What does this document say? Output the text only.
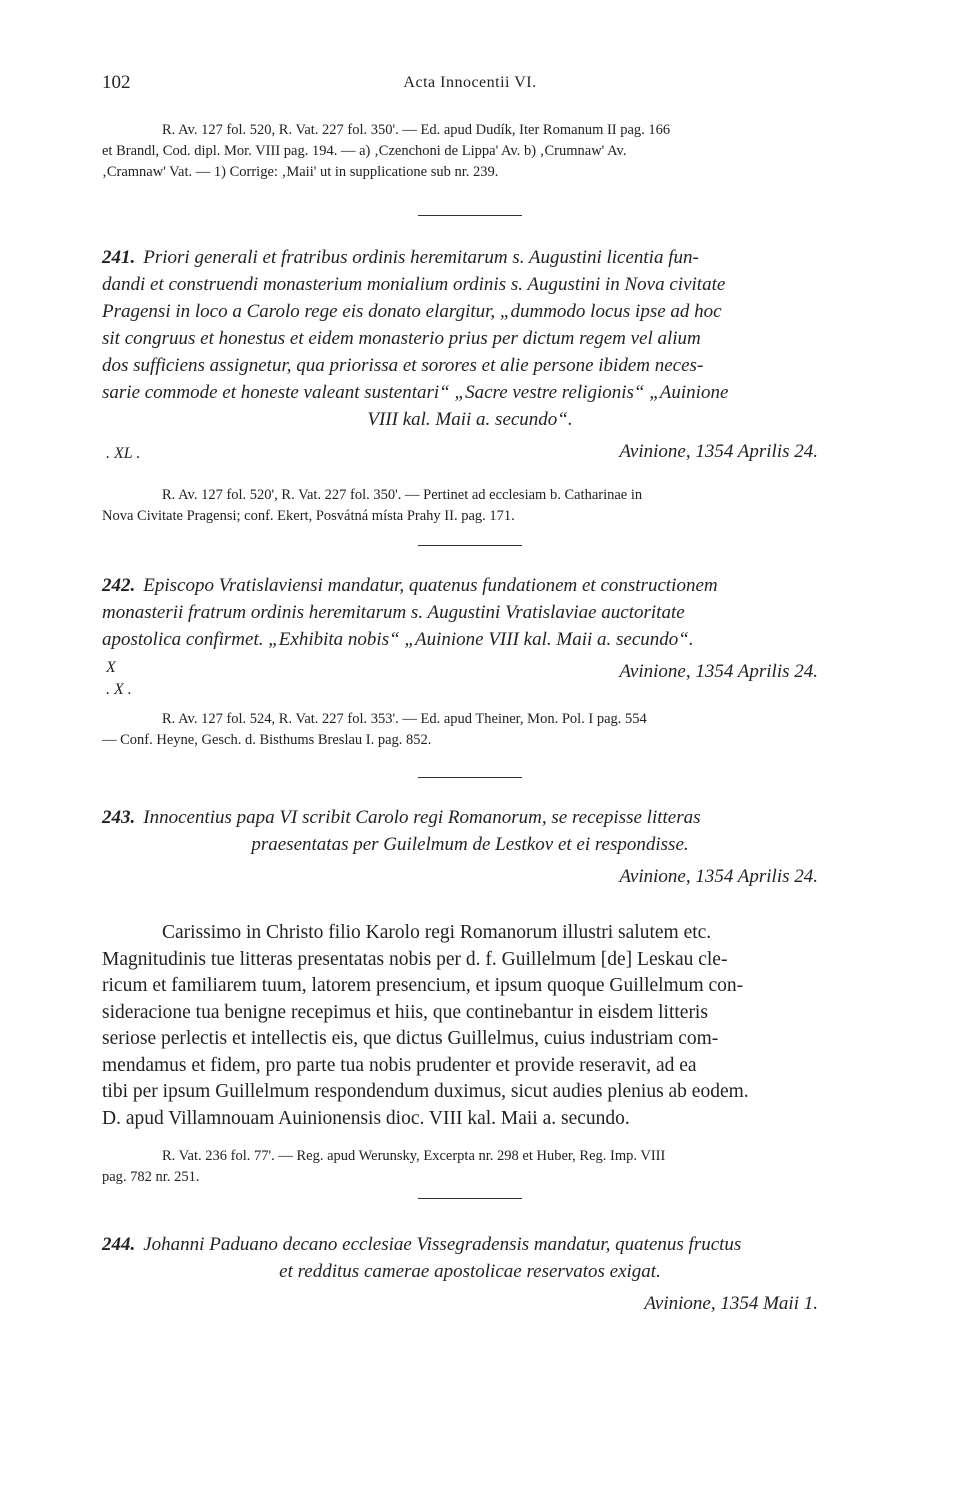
102	Acta Innocentii VI.
R. Av. 127 fol. 520, R. Vat. 227 fol. 350'. — Ed. apud Dudík, Iter Romanum II pag. 166
et Brandl, Cod. dipl. Mor. VIII pag. 194. — a) ‚Czenchoni de Lippa' Av. b) ‚Crumnaw' Av.
‚Cramnaw' Vat. — 1) Corrige: ‚Maii' ut in supplicatione sub nr. 239.
241. Priori generali et fratribus ordinis heremitarum s. Augustini licentia fun-
dandi et construendi monasterium monialium ordinis s. Augustini in Nova civitate
Pragensi in loco a Carolo rege eis donato elargitur, „dummodo locus ipse ad hoc
sit congruus et honestus et eidem monasterio prius per dictum regem vel alium
dos sufficiens assignetur, qua priorissa et sorores et alie persone ibidem neces-
sarie commode et honeste valeant sustentari“ „Sacre vestre religionis“ „Auinione
VIII kal. Maii a. secundo“.
. XL .	Avinione, 1354 Aprilis 24.
R. Av. 127 fol. 520', R. Vat. 227 fol. 350'. — Pertinet ad ecclesiam b. Catharinae in
Nova Civitate Pragensi; conf. Ekert, Posvátná místa Prahy II. pag. 171.
242. Episcopo Vratislaviensi mandatur, quatenus fundationem et constructionem
monasterii fratrum ordinis heremitarum s. Augustini Vratislaviae auctoritate
apostolica confirmet. „Exhibita nobis“ „Auinione VIII kal. Maii a. secundo“.
X
. X .
Avinione, 1354 Aprilis 24.
R. Av. 127 fol. 524, R. Vat. 227 fol. 353'. — Ed. apud Theiner, Mon. Pol. I pag. 554
— Conf. Heyne, Gesch. d. Bisthums Breslau I. pag. 852.
243. Innocentius papa VI scribit Carolo regi Romanorum, se recepisse litteras
praesentatas per Guilelmum de Lestkov et ei respondisse.
Avinione, 1354 Aprilis 24.
Carissimo in Christo filio Karolo regi Romanorum illustri salutem etc.
Magnitudinis tue litteras presentatas nobis per d. f. Guillelmum [de] Leskau cle-
ricum et familiarem tuum, latorem presencium, et ipsum quoque Guillelmum con-
sideracione tua benigne recepimus et hiis, que continebantur in eisdem litteris
seriose perlectis et intellectis eis, que dictus Guillelmus, cuius industriam com-
mendamus et fidem, pro parte tua nobis prudenter et provide reseravit, ad ea
tibi per ipsum Guillelmum respondendum duximus, sicut audies plenius ab eodem.
D. apud Villamnouam Auinionensis dioc. VIII kal. Maii a. secundo.
R. Vat. 236 fol. 77'. — Reg. apud Werunsky, Excerpta nr. 298 et Huber, Reg. Imp. VIII
pag. 782 nr. 251.
244. Johanni Paduano decano ecclesiae Vissegradensis mandatur, quatenus fructus
et redditus camerae apostolicae reservatos exigat.
Avinione, 1354 Maii 1.
